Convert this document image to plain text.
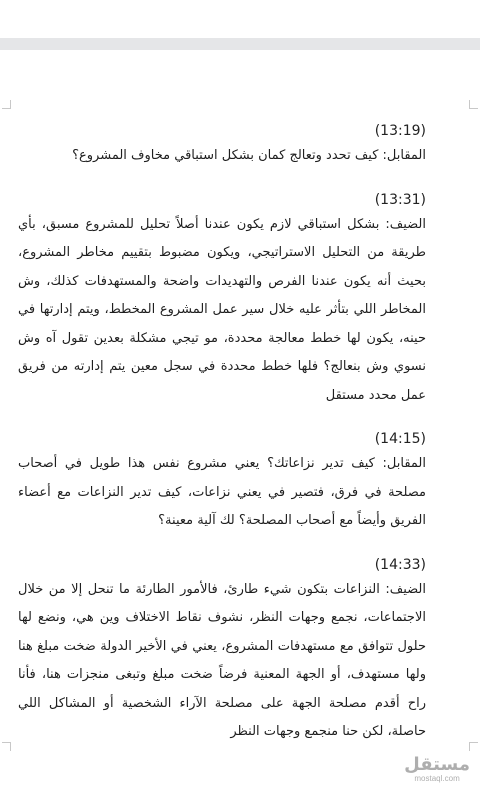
(13:19)
المقابل: كيف تحدد وتعالج كمان بشكل استباقي مخاوف المشروع؟
(13:31)
الضيف: بشكل استباقي لازم يكون عندنا أصلاً تحليل للمشروع مسبق، بأي طريقة من التحليل الاستراتيجي، ويكون مضبوط بتقييم مخاطر المشروع، بحيث أنه يكون عندنا الفرص والتهديدات واضحة والمستهدفات كذلك، وش المخاطر اللي بتأثر عليه خلال سير عمل المشروع المخطط، ويتم إدارتها في حينه، يكون لها خطط معالجة محددة، مو تيجي مشكلة بعدين تقول آه وش نسوي وش بنعالج؟ فلها خطط محددة في سجل معين يتم إدارته من فريق عمل محدد مستقل
(14:15)
المقابل: كيف تدير نزاعاتك؟ يعني مشروع نفس هذا طويل في أصحاب مصلحة في فرق، فتصير في يعني نزاعات، كيف تدير النزاعات مع أعضاء الفريق وأيضاً مع أصحاب المصلحة؟ لك آلية معينة؟
(14:33)
الضيف: النزاعات بتكون شيء طارئ، فالأمور الطارئة ما تنحل إلا من خلال الاجتماعات، نجمع وجهات النظر، نشوف نقاط الاختلاف وين هي، ونضع لها حلول تتوافق مع مستهدفات المشروع، يعني في الأخير الدولة ضخت مبلغ هنا ولها مستهدف، أو الجهة المعنية فرضاً ضخت مبلغ وتبغى منجزات هنا، فأنا راح أقدم مصلحة الجهة على مصلحة الآراء الشخصية أو المشاكل اللي حاصلة، لكن حنا منجمع وجهات النظر
مستقل
mostaql.com
